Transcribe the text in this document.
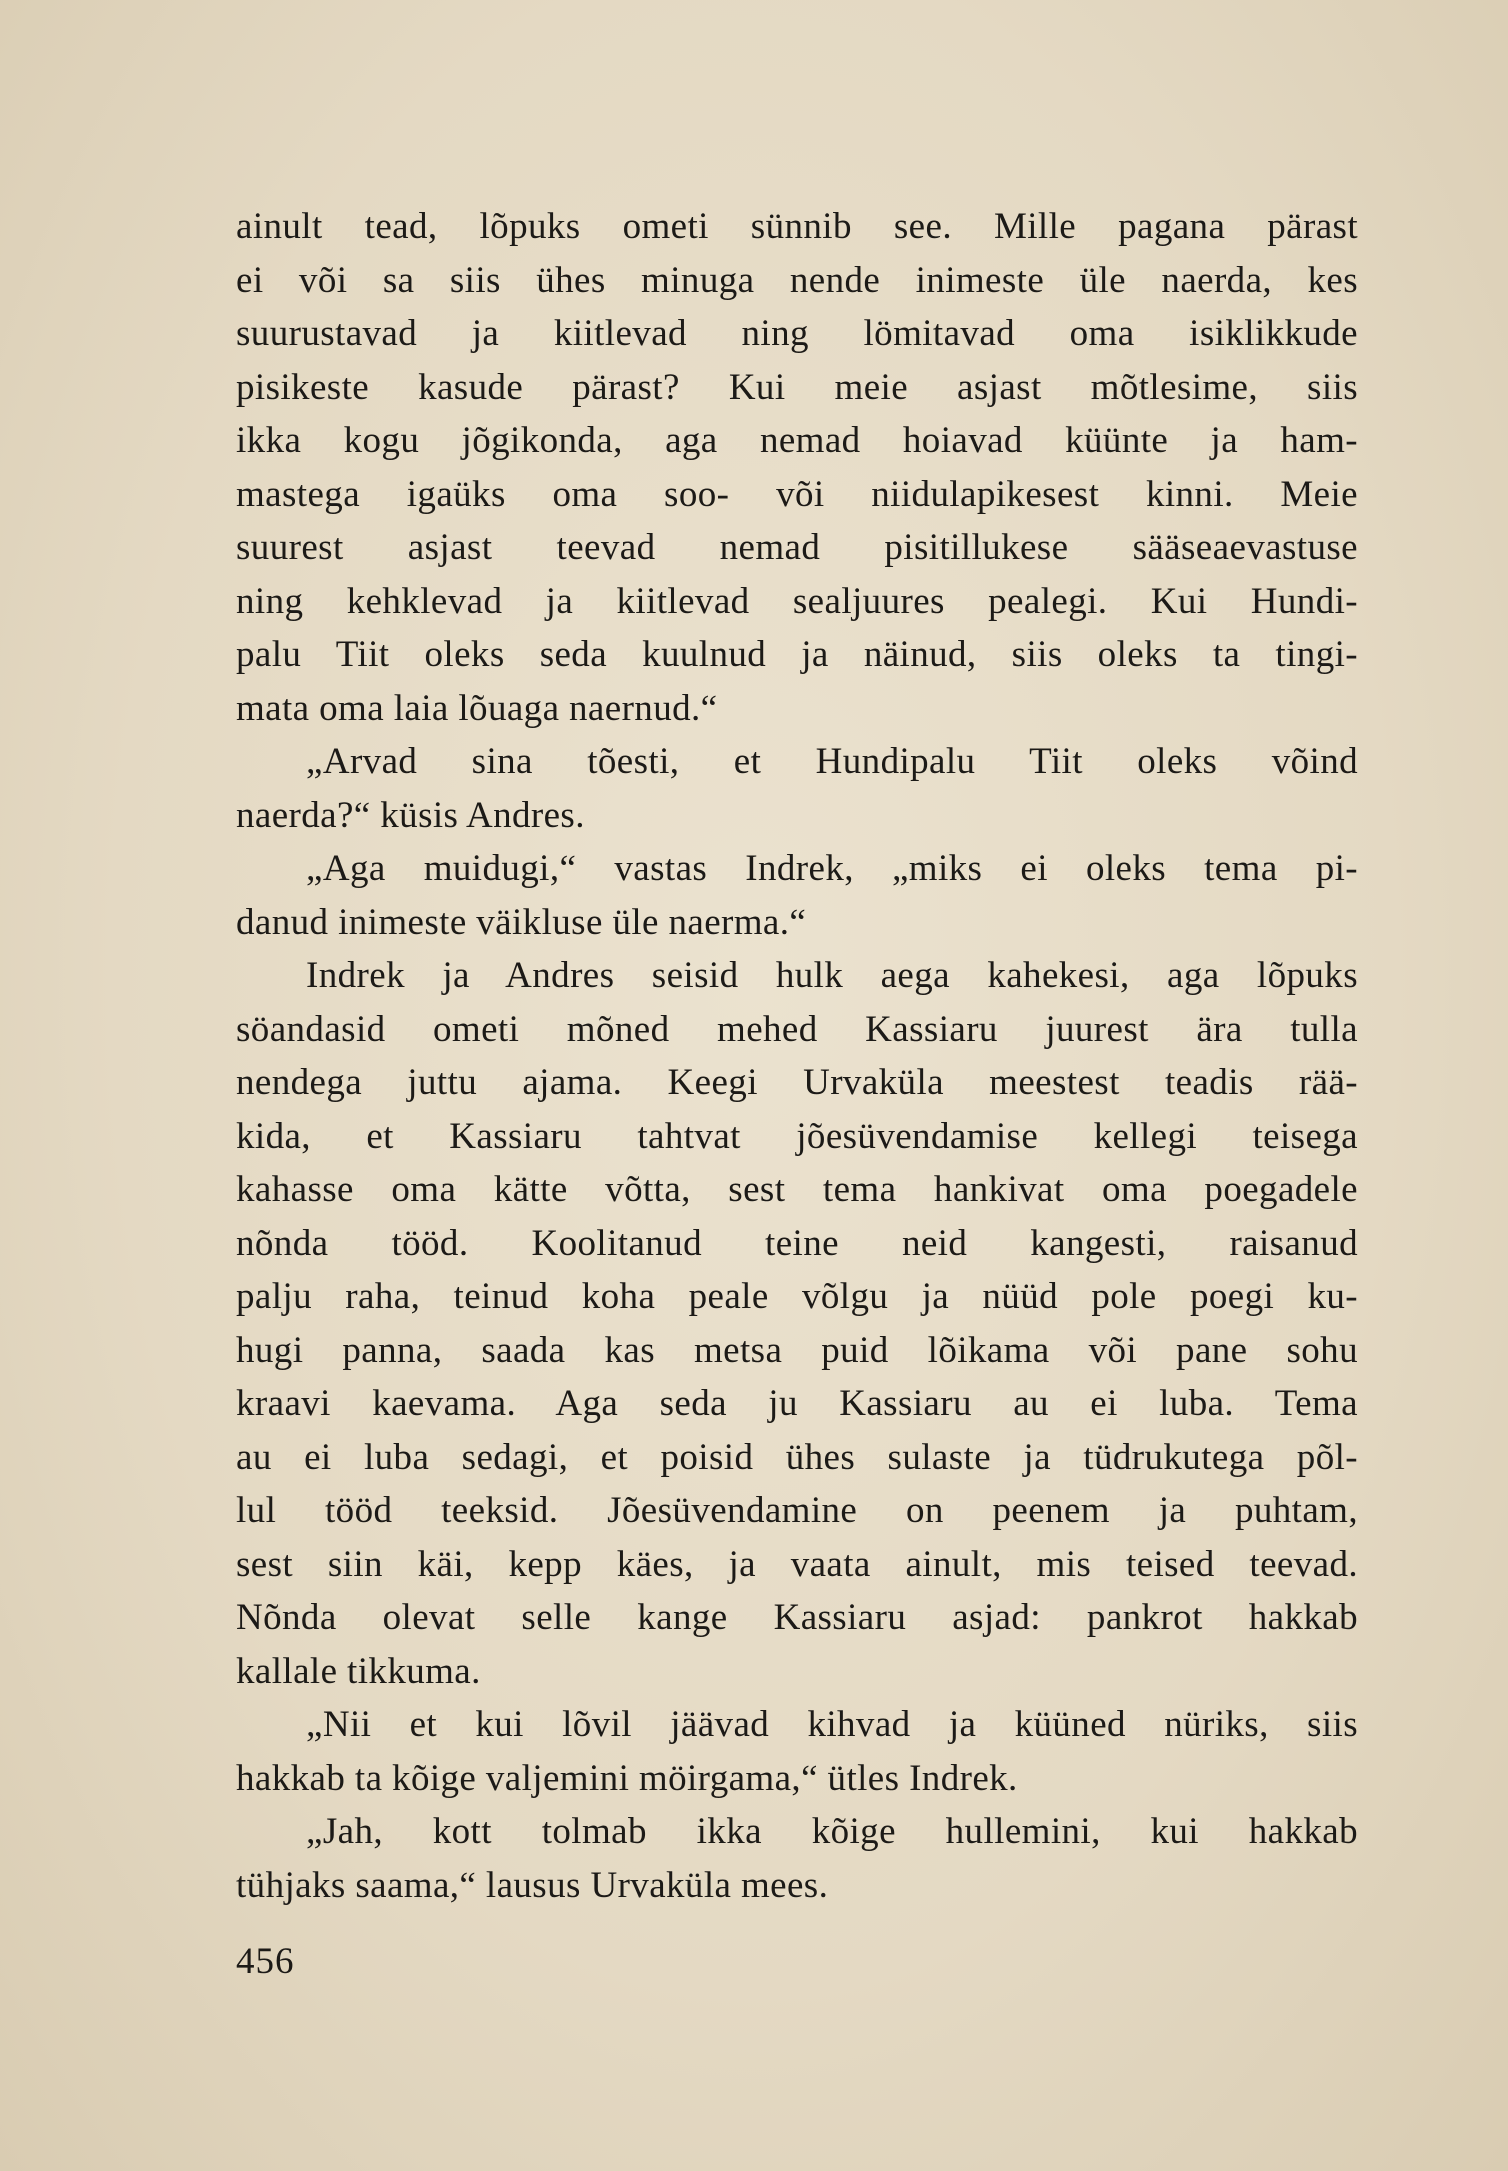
ainult tead, lõpuks ometi sünnib see. Mille pagana pärast
ei või sa siis ühes minuga nende inimeste üle naerda, kes
suurustavad ja kiitlevad ning lömitavad oma isiklikkude
pisikeste kasude pärast? Kui meie asjast mõtlesime, siis
ikka kogu jõgikonda, aga nemad hoiavad küünte ja ham-
mastega igaüks oma soo- või niidulapikesest kinni. Meie
suurest asjast teevad nemad pisitillukese sääseaevastuse
ning kehklevad ja kiitlevad sealjuures pealegi. Kui Hundi-
palu Tiit oleks seda kuulnud ja näinud, siis oleks ta tingi-
mata oma laia lõuaga naernud.“
„Arvad sina tõesti, et Hundipalu Tiit oleks võind
naerda?“ küsis Andres.
„Aga muidugi,“ vastas Indrek, „miks ei oleks tema pi-
danud inimeste väikluse üle naerma.“
Indrek ja Andres seisid hulk aega kahekesi, aga lõpuks
söandasid ometi mõned mehed Kassiaru juurest ära tulla
nendega juttu ajama. Keegi Urvaküla meestest teadis rää-
kida, et Kassiaru tahtvat jõesüvendamise kellegi teisega
kahasse oma kätte võtta, sest tema hankivat oma poegadele
nõnda tööd. Koolitanud teine neid kangesti, raisanud
palju raha, teinud koha peale võlgu ja nüüd pole poegi ku-
hugi panna, saada kas metsa puid lõikama või pane sohu
kraavi kaevama. Aga seda ju Kassiaru au ei luba. Tema
au ei luba sedagi, et poisid ühes sulaste ja tüdrukutega põl-
lul tööd teeksid. Jõesüvendamine on peenem ja puhtam,
sest siin käi, kepp käes, ja vaata ainult, mis teised teevad.
Nõnda olevat selle kange Kassiaru asjad: pankrot hakkab
kallale tikkuma.
„Nii et kui lõvil jäävad kihvad ja küüned nüriks, siis
hakkab ta kõige valjemini möirgama,“ ütles Indrek.
„Jah, kott tolmab ikka kõige hullemini, kui hakkab
tühjaks saama,“ lausus Urvaküla mees.
456
